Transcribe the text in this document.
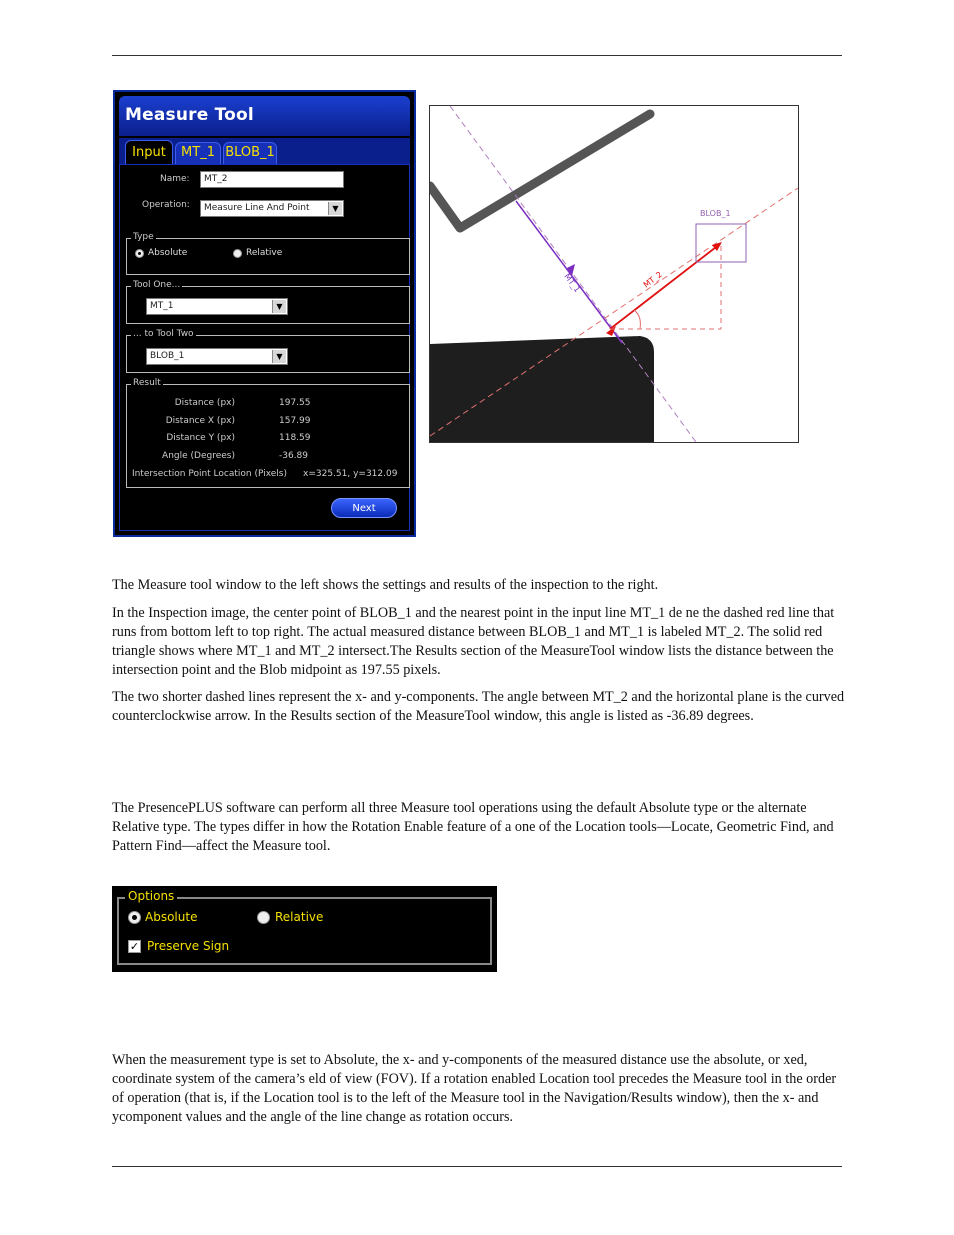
Measure Tool
Input	MT_1 BLOB_1
Name:	MT_2
Operation:	Measure Line And Point	▼
Type
Absolute	Relative
Tool One...
MT_1	▼
... to Tool Two
BLOB_1	▼
Result
Distance (px)	197.55
Distance X (px)	157.99
Distance Y (px)	118.59
Angle (Degrees)	-36.89
Intersection Point Location (Pixels) x=325.51, y=312.09
Next
MT_1	MT_2
BLOB_1

The Measure tool window to the left shows the settings and results of the inspection to the right.

In the Inspection image, the center point of BLOB_1 and the nearest point in the input line MT_1 de ne the dashed red line that runs from bottom left to top right. The actual measured distance between BLOB_1 and MT_1 is labeled MT_2. The solid red triangle shows where MT_1 and MT_2 intersect.The Results section of the MeasureTool window lists the distance between the intersection point and the Blob midpoint as 197.55 pixels.

The two shorter dashed lines represent the x- and y-components. The angle between MT_2 and the horizontal plane is the curved counterclockwise arrow. In the Results section of the MeasureTool window, this angle is listed as -36.89 degrees.

The PresencePLUS software can perform all three Measure tool operations using the default Absolute type or the alternate Relative type. The types differ in how the Rotation Enable feature of a one of the Location tools—Locate, Geometric Find, and Pattern Find—affect the Measure tool.

Options
Absolute	Relative
✓ Preserve Sign

When the measurement type is set to Absolute, the x- and y-components of the measured distance use the absolute, or xed, coordinate system of the camera’s eld of view (FOV). If a rotation enabled Location tool precedes the Measure tool in the order of operation (that is, if the Location tool is to the left of the Measure tool in the Navigation/Results window), then the x- and ycomponent values and the angle of the line change as rotation occurs.
